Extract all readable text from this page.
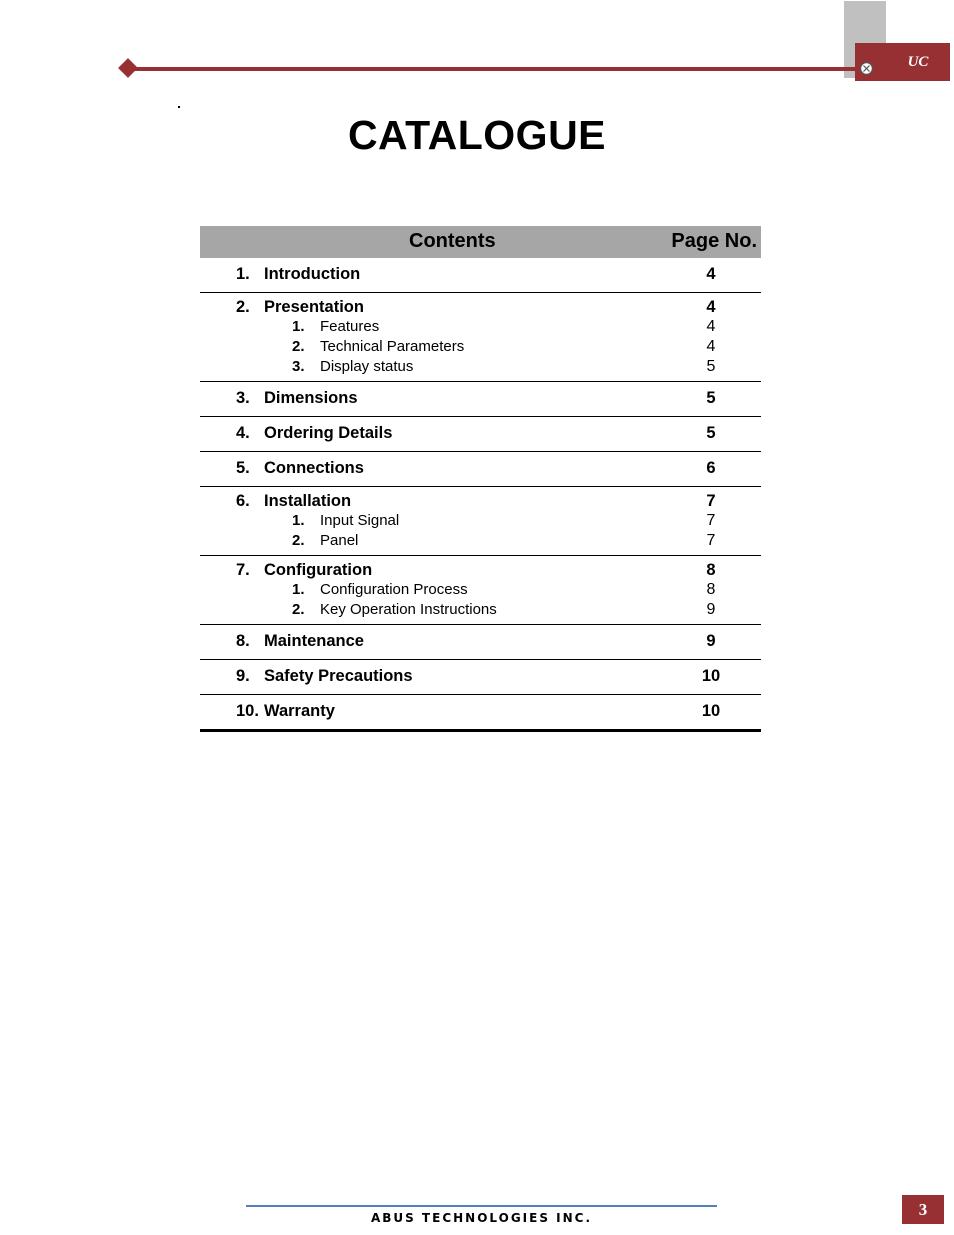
UC
CATALOGUE
Contents	Page No.
1. Introduction	4
2. Presentation	4
1. Features	4
2. Technical Parameters	4
3. Display status	5
3. Dimensions	5
4. Ordering Details	5
5. Connections	6
6. Installation	7
1. Input Signal	7
2. Panel	7
7. Configuration	8
1. Configuration Process	8
2. Key Operation Instructions	9
8. Maintenance	9
9. Safety Precautions	10
10. Warranty	10
ABUS TECHNOLOGIES INC.	3
